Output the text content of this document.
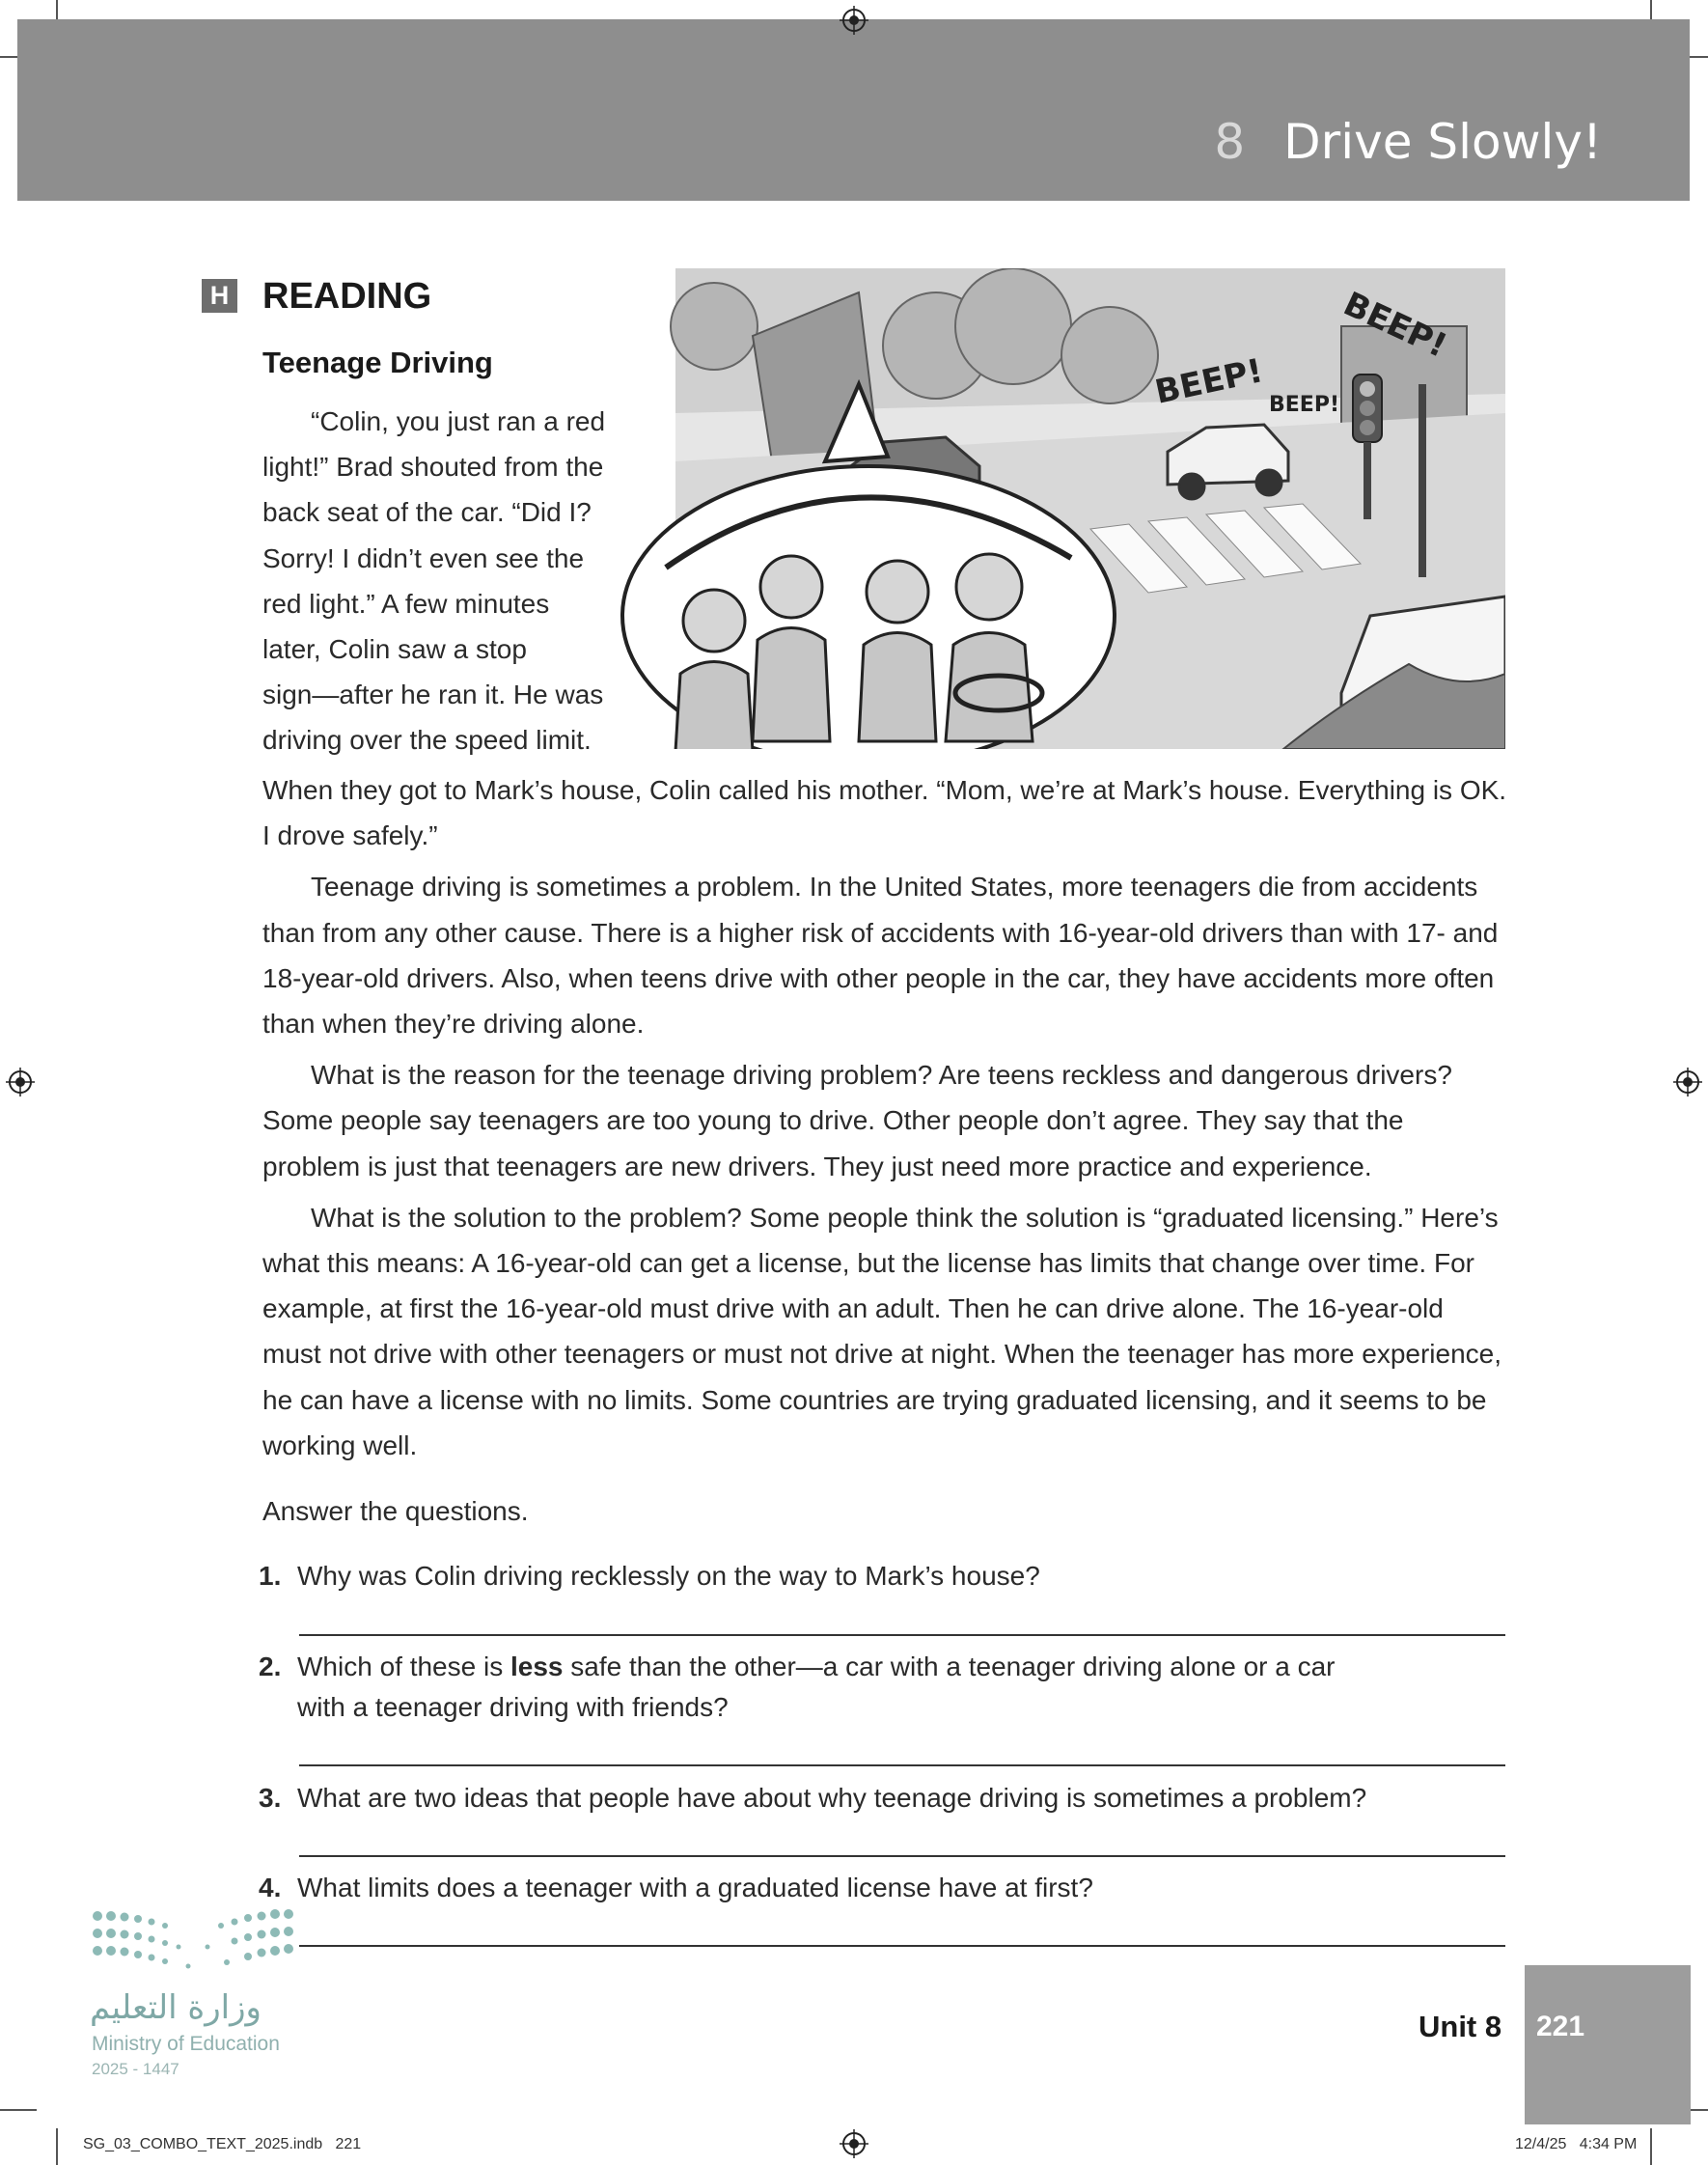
8 Drive Slowly!
H READING
Teenage Driving	BEEP! BEEP!
BEEP!
“Colin, you just ran a red
light!” Brad shouted from the
back seat of the car. “Did I?
Sorry! I didn’t even see the
red light.” A few minutes
later, Colin saw a stop
sign—after he ran it. He was
driving over the speed limit.

When they got to Mark’s house, Colin called his mother. “Mom, we’re at Mark’s house. Everything is OK. I drove safely.”

Teenage driving is sometimes a problem. In the United States, more teenagers die from accidents than from any other cause. There is a higher risk of accidents with 16-year-old drivers than with 17- and 18-year-old drivers. Also, when teens drive with other people in the car, they have accidents more often than when they’re driving alone.

What is the reason for the teenage driving problem? Are teens reckless and dangerous drivers? Some people say teenagers are too young to drive. Other people don’t agree. They say that the problem is just that teenagers are new drivers. They just need more practice and experience.

What is the solution to the problem? Some people think the solution is “graduated licensing.” Here’s what this means: A 16-year-old can get a license, but the license has limits that change over time. For example, at first the 16-year-old must drive with an adult. Then he can drive alone. The 16-year-old must not drive with other teenagers or must not drive at night. When the teenager has more experience, he can have a license with no limits. Some countries are trying graduated licensing, and it seems to be working well.

Answer the questions.
1. Why was Colin driving recklessly on the way to Mark’s house?
2. Which of these is less safe than the other—a car with a teenager driving alone or a car
with a teenager driving with friends?
3. What are two ideas that people have about why teenage driving is sometimes a problem?
4. What limits does a teenager with a graduated license have at first?
وزارة التعليم
Ministry of Education
2025 - 1447
Unit 8 221
SG_03_COMBO_TEXT_2025.indb   221	12/4/25   4:34 PM
